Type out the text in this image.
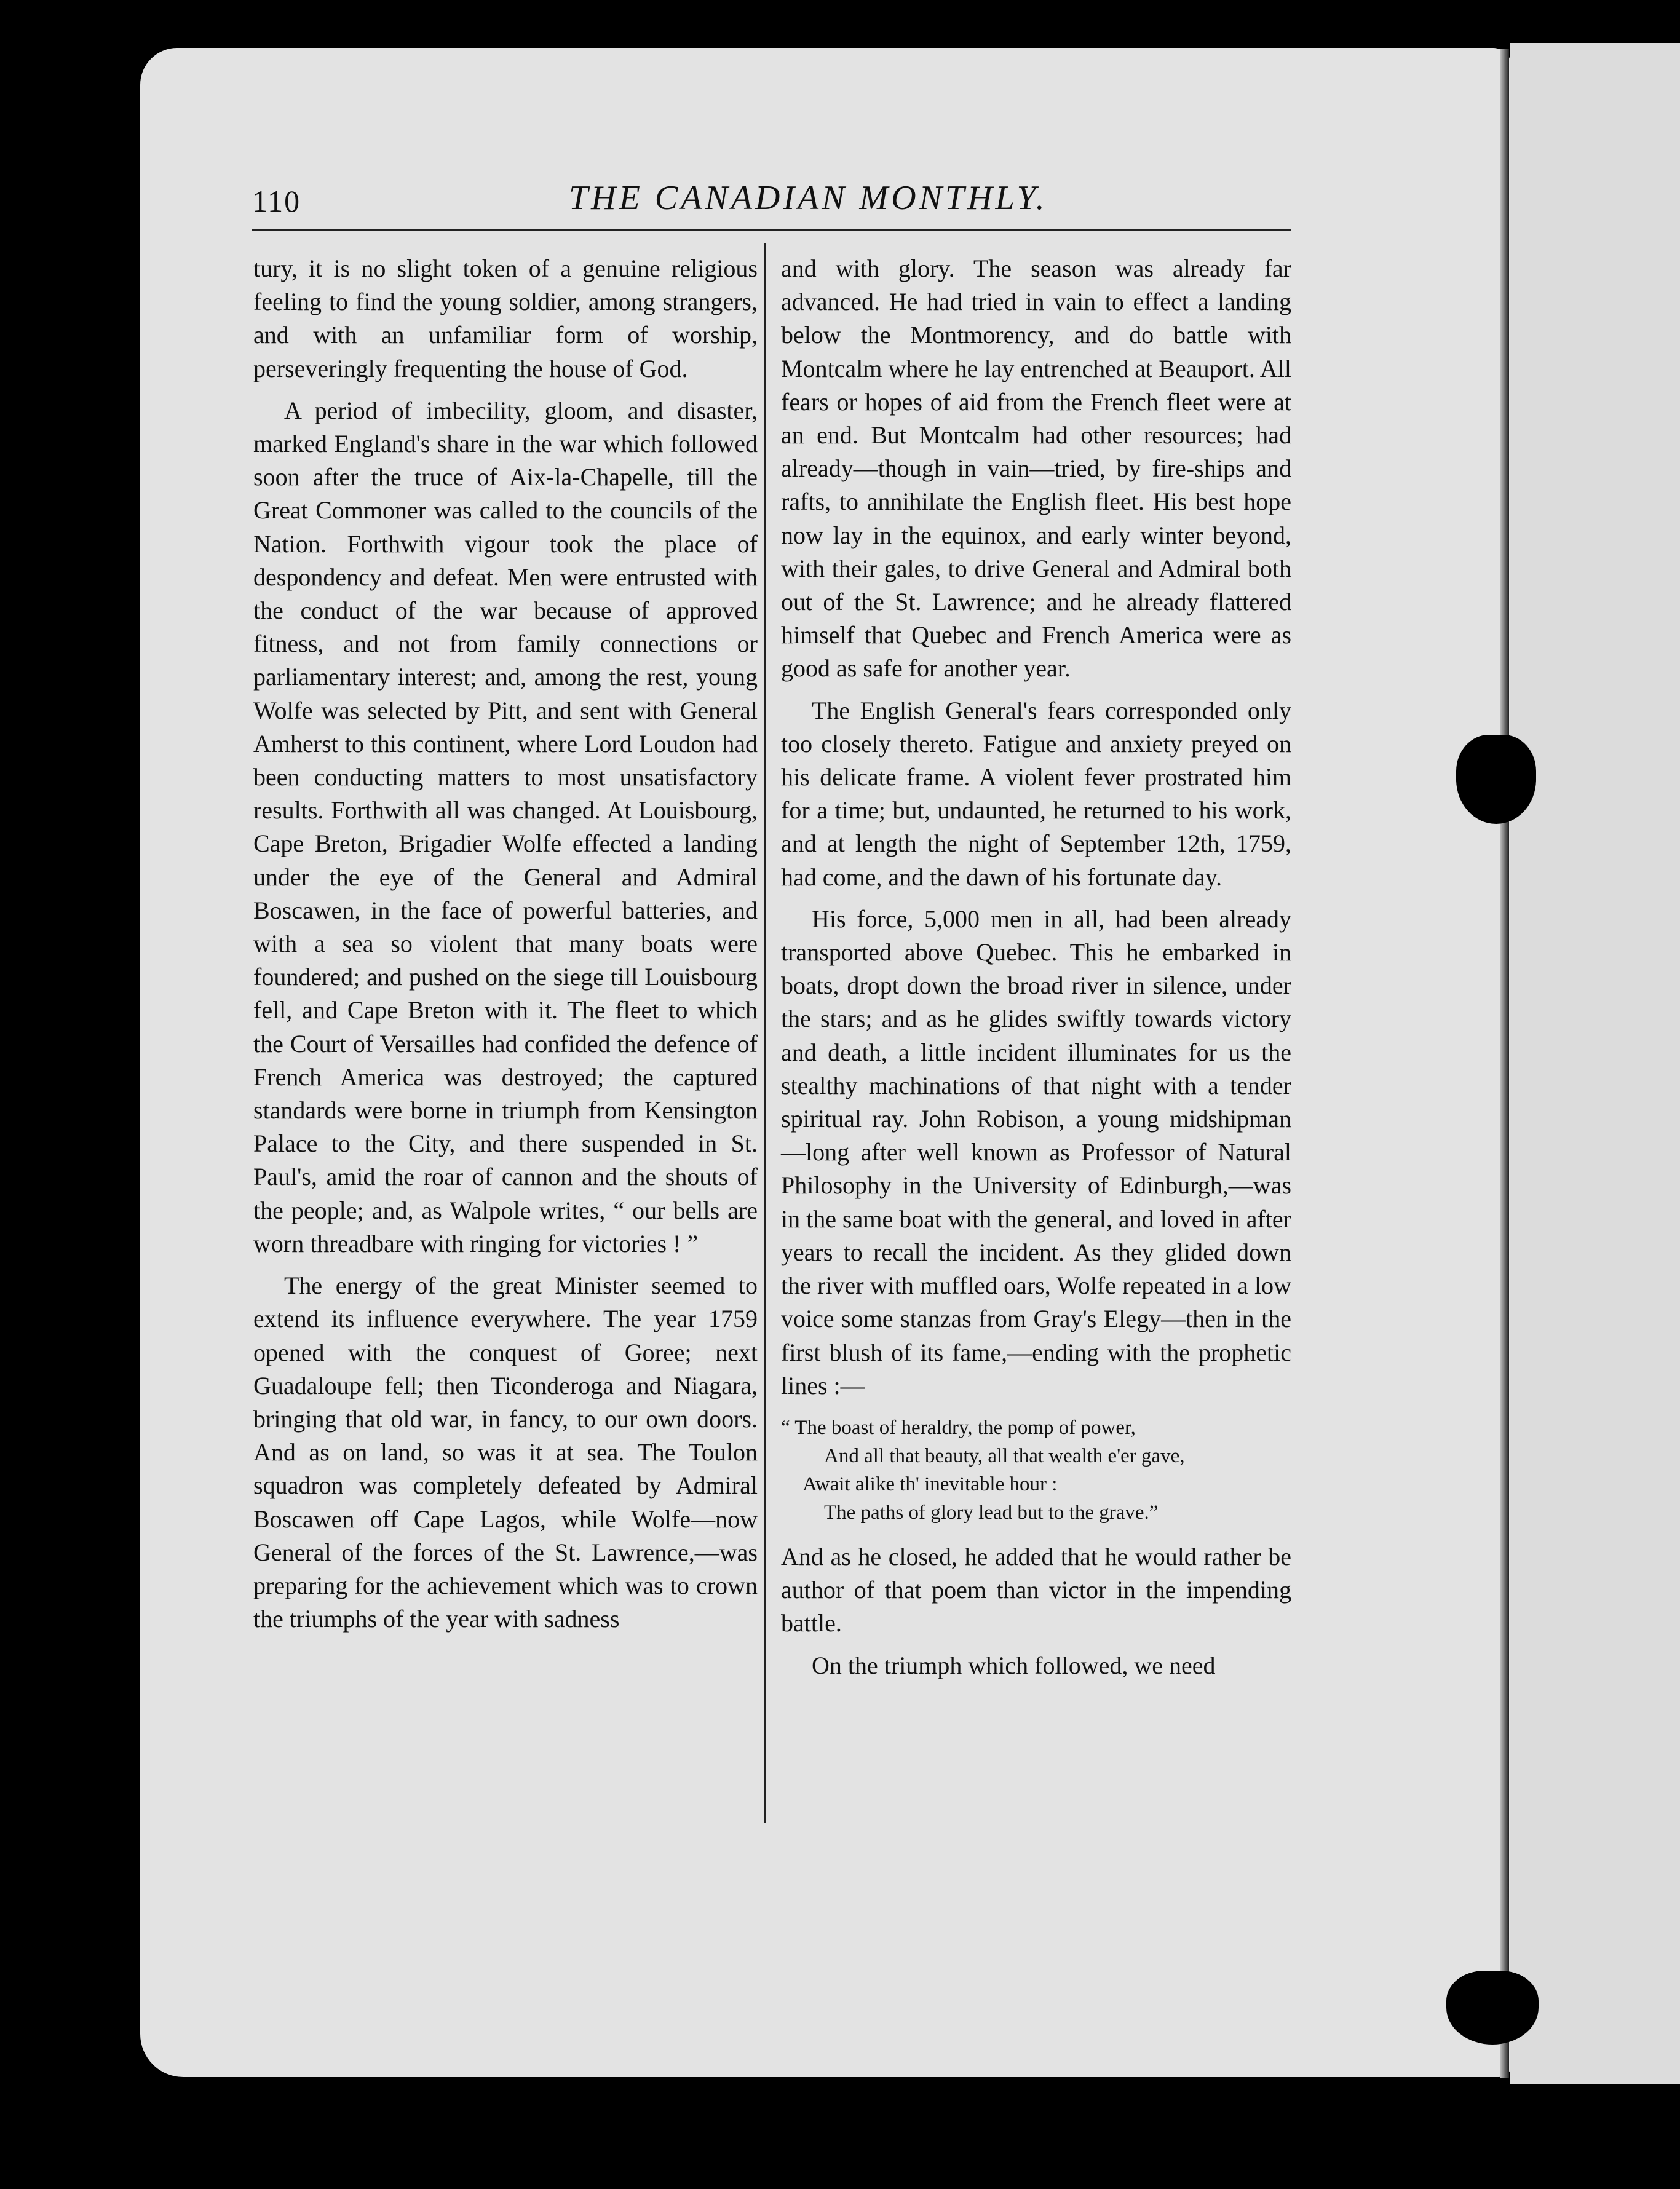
110	THE CANADIAN MONTHLY.

tury, it is no slight token of a genuine religious feeling to find the young soldier, among strangers, and with an unfamiliar form of worship, perseveringly frequenting the house of God.

A period of imbecility, gloom, and disaster, marked England's share in the war which followed soon after the truce of Aix-la-Chapelle, till the Great Commoner was called to the councils of the Nation. Forthwith vigour took the place of despondency and defeat. Men were entrusted with the conduct of the war because of approved fitness, and not from family connections or parliamentary interest; and, among the rest, young Wolfe was selected by Pitt, and sent with General Amherst to this continent, where Lord Loudon had been conducting matters to most unsatisfactory results. Forthwith all was changed. At Louisbourg, Cape Breton, Brigadier Wolfe effected a landing under the eye of the General and Admiral Boscawen, in the face of powerful batteries, and with a sea so violent that many boats were foundered; and pushed on the siege till Louisbourg fell, and Cape Breton with it. The fleet to which the Court of Versailles had confided the defence of French America was destroyed; the captured standards were borne in triumph from Kensington Palace to the City, and there suspended in St. Paul's, amid the roar of cannon and the shouts of the people; and, as Walpole writes, “ our bells are worn threadbare with ringing for victories ! ”

The energy of the great Minister seemed to extend its influence everywhere. The year 1759 opened with the conquest of Goree; next Guadaloupe fell; then Ticonderoga and Niagara, bringing that old war, in fancy, to our own doors. And as on land, so was it at sea. The Toulon squadron was completely defeated by Admiral Boscawen off Cape Lagos, while Wolfe—now General of the forces of the St. Lawrence,—was preparing for the achievement which was to crown the triumphs of the year with sadness

and with glory. The season was already far advanced. He had tried in vain to effect a landing below the Montmorency, and do battle with Montcalm where he lay entrenched at Beauport. All fears or hopes of aid from the French fleet were at an end. But Montcalm had other resources; had already—though in vain—tried, by fire-ships and rafts, to annihilate the English fleet. His best hope now lay in the equinox, and early winter beyond, with their gales, to drive General and Admiral both out of the St. Lawrence; and he already flattered himself that Quebec and French America were as good as safe for another year.

The English General's fears corresponded only too closely thereto. Fatigue and anxiety preyed on his delicate frame. A violent fever prostrated him for a time; but, undaunted, he returned to his work, and at length the night of September 12th, 1759, had come, and the dawn of his fortunate day.

His force, 5,000 men in all, had been already transported above Quebec. This he embarked in boats, dropt down the broad river in silence, under the stars; and as he glides swiftly towards victory and death, a little incident illuminates for us the stealthy machinations of that night with a tender spiritual ray. John Robison, a young midshipman —long after well known as Professor of Natural Philosophy in the University of Edinburgh,—was in the same boat with the general, and loved in after years to recall the incident. As they glided down the river with muffled oars, Wolfe repeated in a low voice some stanzas from Gray's Elegy—then in the first blush of its fame,—ending with the prophetic lines :—

“ The boast of heraldry, the pomp of power,
And all that beauty, all that wealth e'er gave,
Await alike th' inevitable hour :
The paths of glory lead but to the grave.”

And as he closed, he added that he would rather be author of that poem than victor in the impending battle.

On the triumph which followed, we need
